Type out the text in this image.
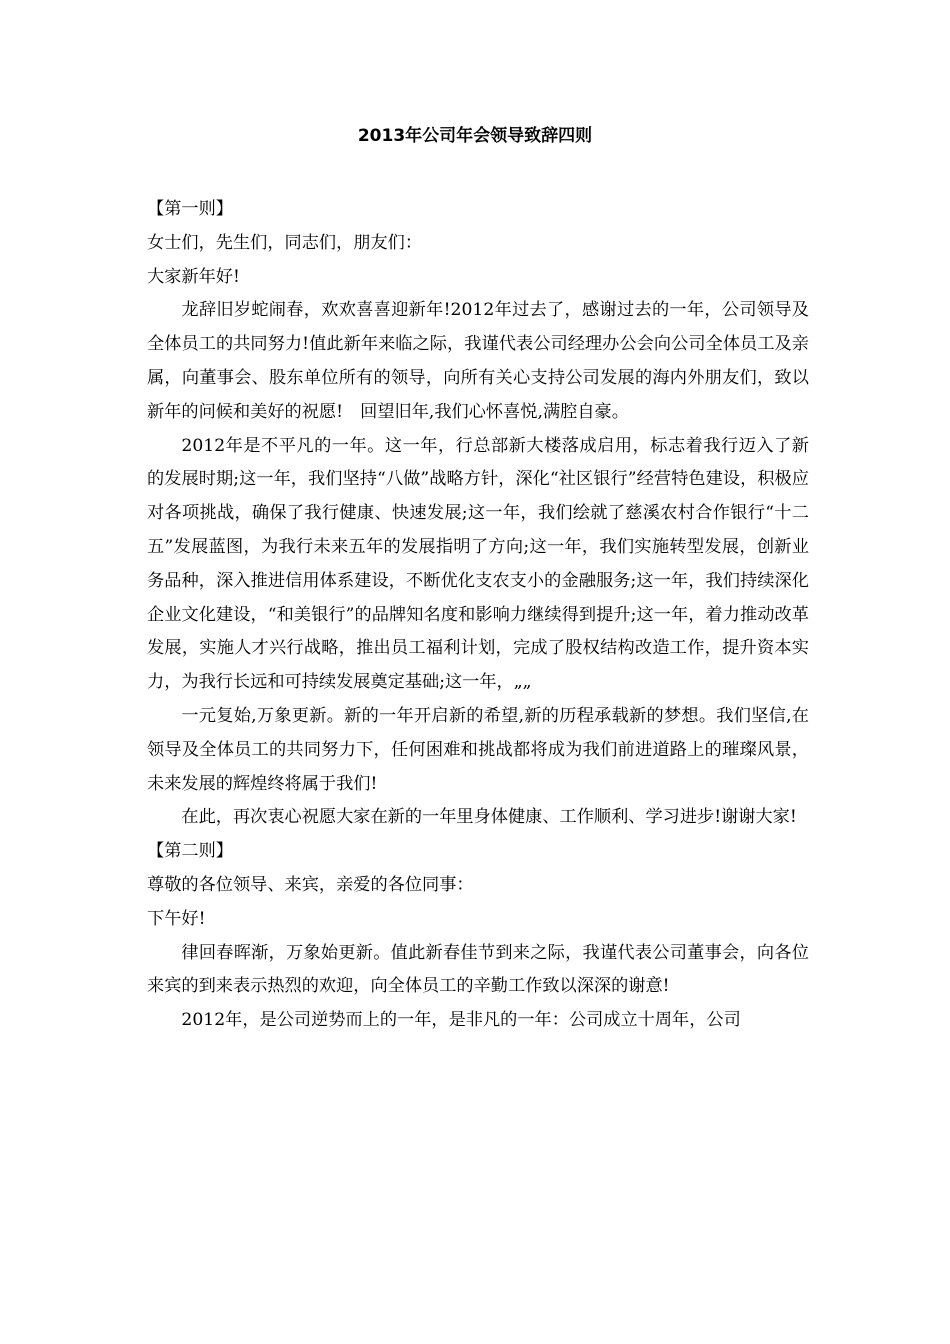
2013年公司年会领导致辞四则

【第一则】

女士们，先生们，同志们，朋友们：

大家新年好!

龙辞旧岁蛇闹春，欢欢喜喜迎新年!2012年过去了，感谢过去的一年，公司领导及全体员工的共同努力!值此新年来临之际，我谨代表公司经理办公会向公司全体员工及亲属，向董事会、股东单位所有的领导，向所有关心支持公司发展的海内外朋友们，致以新年的问候和美好的祝愿!　回望旧年,我们心怀喜悦,满腔自豪。

2012年是不平凡的一年。这一年，行总部新大楼落成启用，标志着我行迈入了新的发展时期;这一年，我们坚持“八做”战略方针，深化“社区银行”经营特色建设，积极应对各项挑战，确保了我行健康、快速发展;这一年，我们绘就了慈溪农村合作银行“十二五”发展蓝图，为我行未来五年的发展指明了方向;这一年，我们实施转型发展，创新业务品种，深入推进信用体系建设，不断优化支农支小的金融服务;这一年，我们持续深化企业文化建设，“和美银行”的品牌知名度和影响力继续得到提升;这一年，着力推动改革发展，实施人才兴行战略，推出员工福利计划，完成了股权结构改造工作，提升资本实力，为我行长远和可持续发展奠定基础;这一年，„„

一元复始,万象更新。新的一年开启新的希望,新的历程承载新的梦想。我们坚信,在领导及全体员工的共同努力下，任何困难和挑战都将成为我们前进道路上的璀璨风景，未来发展的辉煌终将属于我们!

在此，再次衷心祝愿大家在新的一年里身体健康、工作顺利、学习进步!谢谢大家!

【第二则】

尊敬的各位领导、来宾，亲爱的各位同事：

下午好!

律回春晖渐，万象始更新。值此新春佳节到来之际，我谨代表公司董事会，向各位来宾的到来表示热烈的欢迎，向全体员工的辛勤工作致以深深的谢意!

2012年，是公司逆势而上的一年，是非凡的一年：公司成立十周年，公司
